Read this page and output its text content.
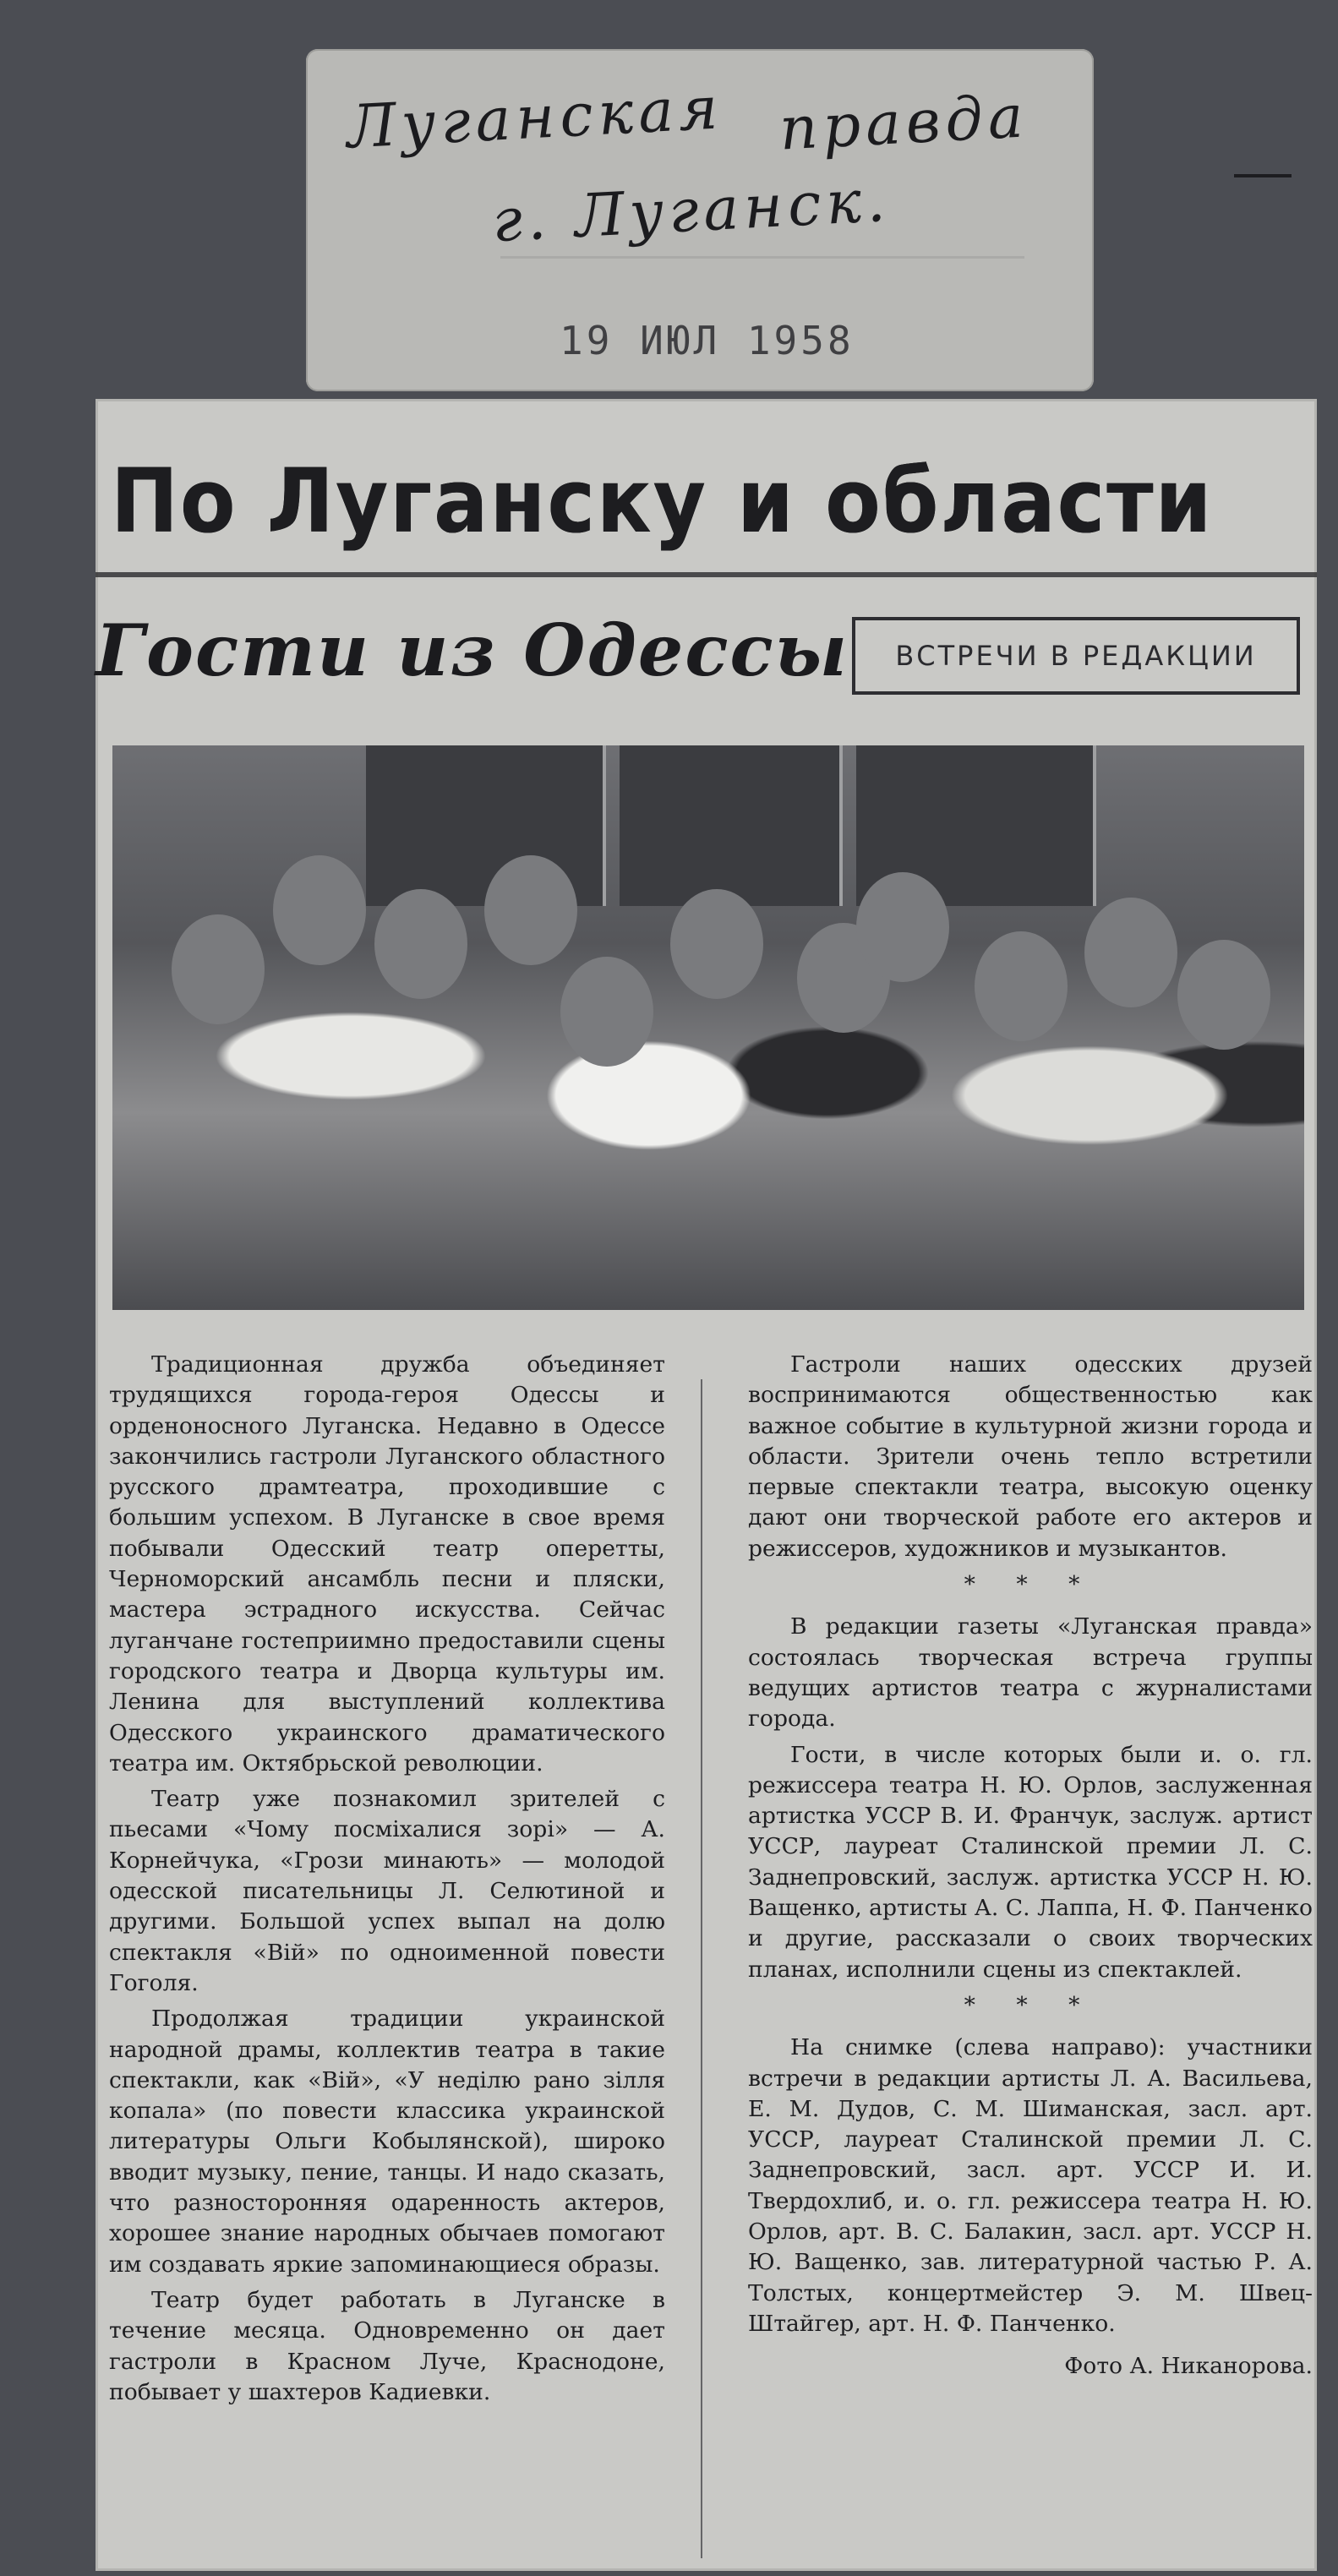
Луганская правда
г. Луганск.
19 ИЮЛ 1958
По Луганску и области
Гости из Одессы	ВСТРЕЧИ В РЕДАКЦИИ

Традиционная дружба объединяет трудящихся города-героя Одессы и орденоносного Луганска. Недавно в Одессе закончились гастроли Луганского областного русского драмтеатра, проходившие с большим успехом. В Луганске в свое время побывали Одесский театр оперетты, Черноморский ансамбль песни и пляски, мастера эстрадного искусства. Сейчас луганчане гостеприимно предоставили сцены городского театра и Дворца культуры им. Ленина для выступлений коллектива Одесского украинского драматического театра им. Октябрьской революции.

Театр уже познакомил зрителей с пьесами «Чому посміхалися зорі» — А. Корнейчука, «Грози минають» — молодой одесской писательницы Л. Селютиной и другими. Большой успех выпал на долю спектакля «Вій» по одноименной повести Гоголя.

Продолжая традиции украинской народной драмы, коллектив театра в такие спектакли, как «Вій», «У неділю рано зілля копала» (по повести классика украинской литературы Ольги Кобылянской), широко вводит музыку, пение, танцы. И надо сказать, что разносторонняя одаренность актеров, хорошее знание народных обычаев помогают им создавать яркие запоминающиеся образы.

Театр будет работать в Луганске в течение месяца. Одновременно он дает гастроли в Красном Луче, Краснодоне, побывает у шахтеров Кадиевки.

Гастроли наших одесских друзей воспринимаются общественностью как важное событие в культурной жизни города и области. Зрители очень тепло встретили первые спектакли театра, высокую оценку дают они творческой работе его актеров и режиссеров, художников и музыкантов.

* * *

В редакции газеты «Луганская правда» состоялась творческая встреча группы ведущих артистов театра с журналистами города.

Гости, в числе которых были и. о. гл. режиссера театра Н. Ю. Орлов, заслуженная артистка УССР В. И. Франчук, заслуж. артист УССР, лауреат Сталинской премии Л. С. Заднепровский, заслуж. артистка УССР Н. Ю. Ващенко, артисты А. С. Лаппа, Н. Ф. Панченко и другие, рассказали о своих творческих планах, исполнили сцены из спектаклей.

* * *

На снимке (слева направо): участники встречи в редакции артисты Л. А. Васильева, Е. М. Дудов, С. М. Шиманская, засл. арт. УССР, лауреат Сталинской премии Л. С. Заднепровский, засл. арт. УССР И. И. Твердохлиб, и. о. гл. режиссера театра Н. Ю. Орлов, арт. В. С. Балакин, засл. арт. УССР Н. Ю. Ващенко, зав. литературной частью Р. А. Толстых, концертмейстер Э. М. Швец-Штайгер, арт. Н. Ф. Панченко.

Фото А. Никанорова.
